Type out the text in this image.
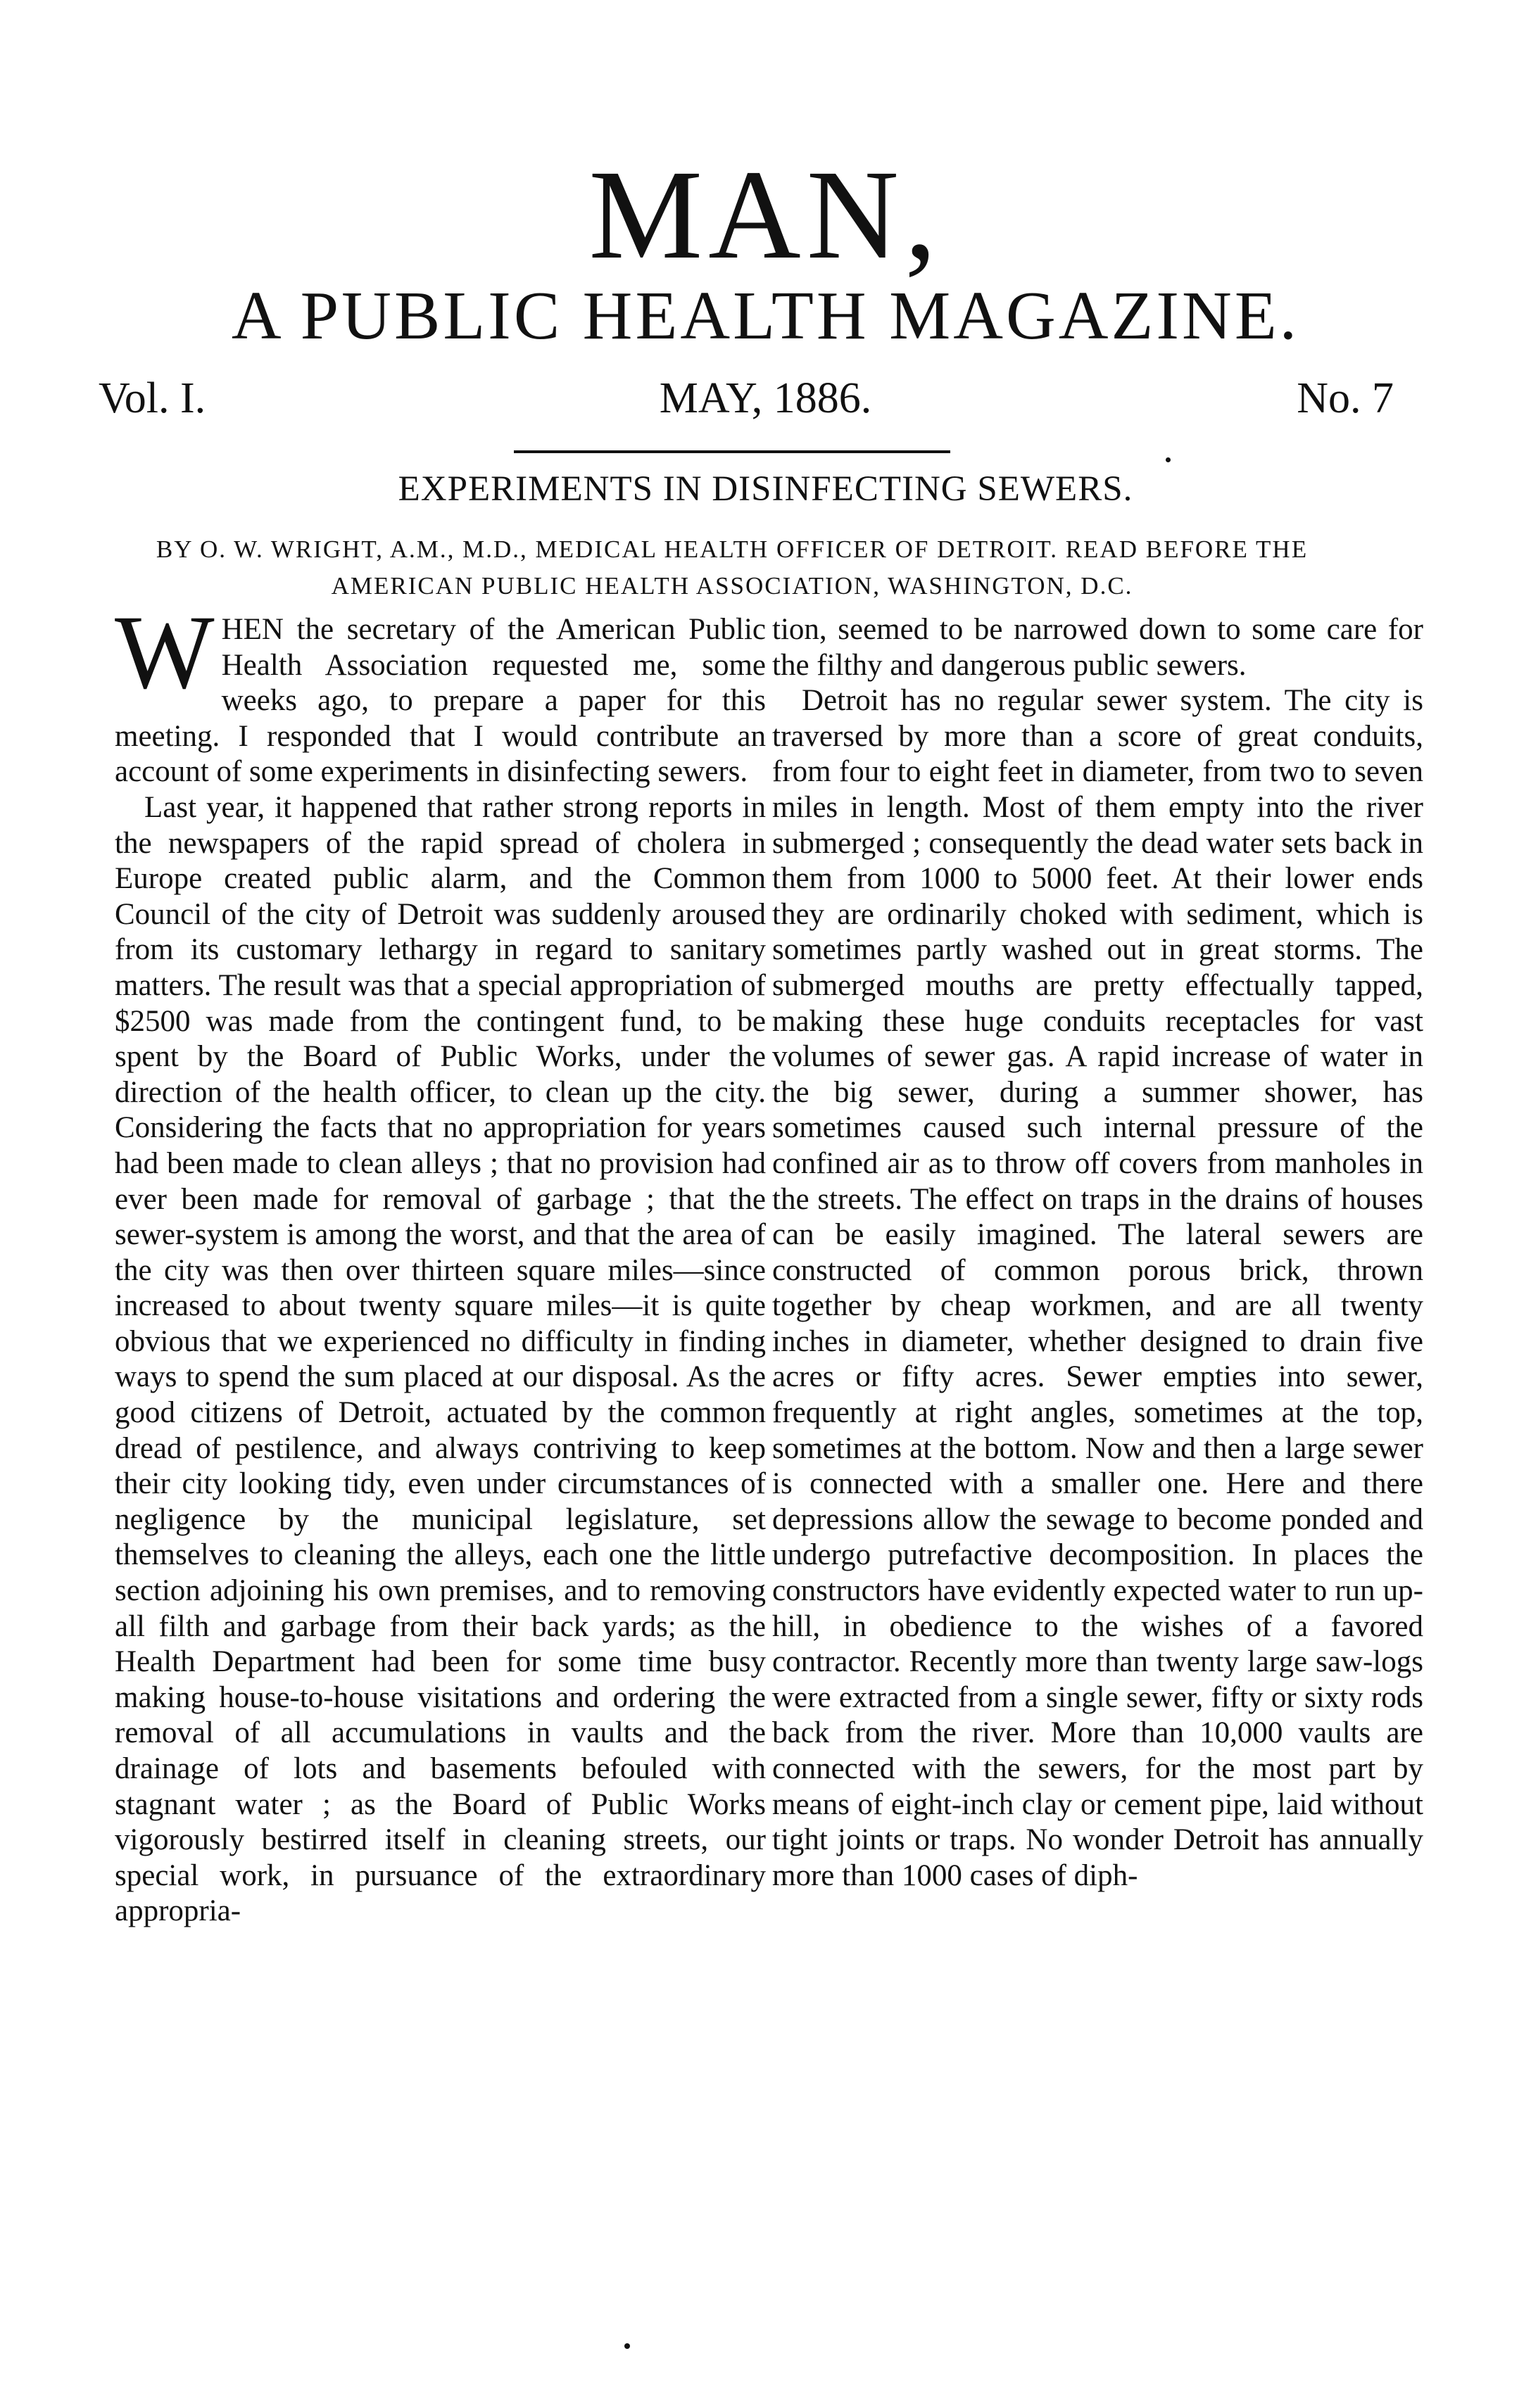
MAN,
A PUBLIC HEALTH MAGAZINE.
Vol. I.	MAY, 1886.	No. 7
EXPERIMENTS IN DISINFECTING SEWERS.
BY O. W. WRIGHT, A.M., M.D., MEDICAL HEALTH OFFICER OF DETROIT. READ BEFORE THE AMERICAN PUBLIC HEALTH ASSOCIATION, WASHINGTON, D.C.

WHEN the secretary of the American Public Health Association requested me, some weeks ago, to prepare a paper for this meeting. I responded that I would contribute an account of some experiments in disinfecting sewers.

Last year, it happened that rather strong reports in the newspapers of the rapid spread of cholera in Europe created public alarm, and the Common Council of the city of Detroit was suddenly aroused from its customary lethargy in regard to sanitary matters. The result was that a special appropriation of $2500 was made from the contingent fund, to be spent by the Board of Public Works, under the direction of the health officer, to clean up the city. Considering the facts that no appropriation for years had been made to clean alleys ; that no provision had ever been made for removal of garbage ; that the sewer-system is among the worst, and that the area of the city was then over thirteen square miles—since increased to about twenty square miles—it is quite obvious that we experienced no difficulty in finding ways to spend the sum placed at our disposal. As the good citizens of Detroit, actuated by the common dread of pestilence, and always contriving to keep their city looking tidy, even under circumstances of negligence by the municipal legislature, set themselves to cleaning the alleys, each one the little section adjoining his own premises, and to removing all filth and garbage from their back yards; as the Health Department had been for some time busy making house-to-house visitations and ordering the removal of all accumulations in vaults and the drainage of lots and basements befouled with stagnant water ; as the Board of Public Works vigorously bestirred itself in cleaning streets, our special work, in pursuance of the extraordinary appropria-

tion, seemed to be narrowed down to some care for the filthy and dangerous public sewers.

Detroit has no regular sewer system. The city is traversed by more than a score of great conduits, from four to eight feet in diameter, from two to seven miles in length. Most of them empty into the river submerged ; consequently the dead water sets back in them from 1000 to 5000 feet. At their lower ends they are ordinarily choked with sediment, which is sometimes partly washed out in great storms. The submerged mouths are pretty effectually tapped, making these huge conduits receptacles for vast volumes of sewer gas. A rapid increase of water in the big sewer, during a summer shower, has sometimes caused such internal pressure of the confined air as to throw off covers from manholes in the streets. The effect on traps in the drains of houses can be easily imagined. The lateral sewers are constructed of common porous brick, thrown together by cheap workmen, and are all twenty inches in diameter, whether designed to drain five acres or fifty acres. Sewer empties into sewer, frequently at right angles, sometimes at the top, sometimes at the bottom. Now and then a large sewer is connected with a smaller one. Here and there depressions allow the sewage to become ponded and undergo putrefactive decomposition. In places the constructors have evidently expected water to run up-hill, in obedience to the wishes of a favored contractor. Recently more than twenty large saw-logs were extracted from a single sewer, fifty or sixty rods back from the river. More than 10,000 vaults are connected with the sewers, for the most part by means of eight-inch clay or cement pipe, laid without tight joints or traps. No wonder Detroit has annually more than 1000 cases of diph-
